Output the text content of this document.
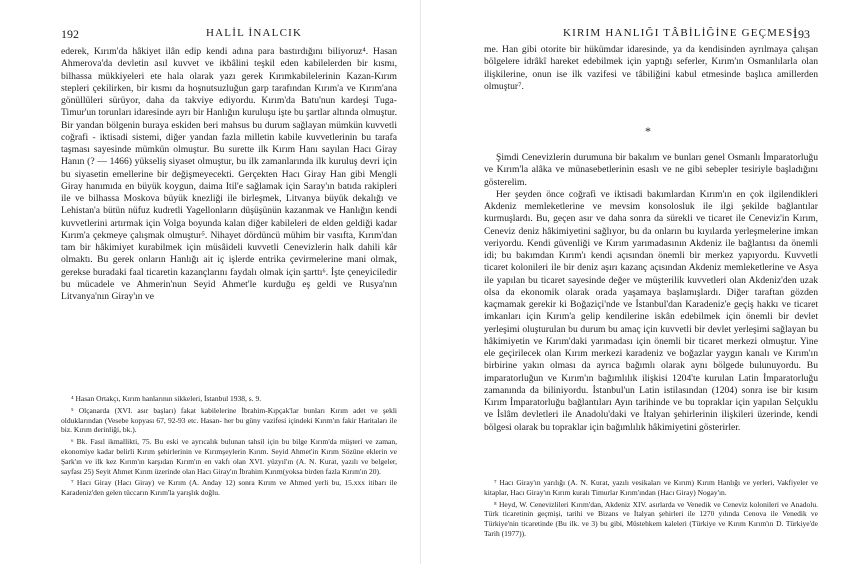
192	HALİL İNALCIK

ederek, Kırım'da hâkiyet ilân edip kendi adına para bastırdığını biliyoruz⁴. Hasan Ahmerova'da devletin asıl kuvvet ve ikbâlini teşkil eden kabilelerden bir kısmı, bilhassa mükkiyeleri ete hala olarak yazı gerek Kırımkabilelerinin Kazan-Kırım stepleri çekilirken, bir kısmı da hoşnutsuzluğun garp tarafından Kırım'a ve Kırım'ana gönüllüleri sürüyor, daha da takviye ediyordu. Kırım'da Batu'nun kardeşi Tuga-Timur'un torunları idaresinde ayrı bir Hanlığın kuruluşu işte bu şartlar altında olmuştur. Bir yandan bölgenin buraya eskiden beri mahsus bu durum sağlayan mümkün kuvvetli coğrafi - iktisadi sistemi, diğer yandan fazla milletin kabile kuvvetlerinin bu tarafa taşması sayesinde mümkün olmuştur. Bu surette ilk Kırım Hanı sayılan Hacı Giray Hanın (? — 1466) yükseliş siyaset olmuştur, bu ilk zamanlarında ilk kuruluş devri için bu siyasetin emellerine bir değişmeyecekti. Gerçekten Hacı Giray Han gibi Mengli Giray hanımıda en büyük koygun, daima Itil'e sağlamak için Saray'ın batıda rakipleri ile ve bilhassa Moskova büyük knezliği ile birleşmek, Litvanya büyük dekalığı ve Lehistan'a bütün nüfuz kudretli Yagellonların düşüşünün kazanmak ve Hanlığın kendi kuvvetlerini artırmak için Volga boyunda kalan diğer kabileleri de elden geldiği kadar Kırım'a çekmeye çalışmak olmuştur⁵. Nihayet dördüncü mühim bir vasıfta, Kırım'dan tam bir hâkimiyet kurabilmek için müsâideli kuvvetli Cenevizlerin halk dahili kâr olmaktı. Bu gerek onların Hanlığı ait iç işlerde entrika çevirmelerine mani olmak, gerekse buradaki faal ticaretin kazançlarını faydalı olmak için şarttı⁶. İşte çeneyiciledir bu mücadele ve Ahmerin'nun Seyid Ahmet'le kurduğu eş geldi ve Rusya'nın Litvanya'nın Giray'ın ve

⁴ Hasan Ortakçı, Kırım hanlarının sikkeleri, İstanbul 1938, s. 9.

⁵ Olçanarda (XVI. asır başları) fakat kabilelerine İbrahim-Kıpçak'lar bunları Kırım adet ve şekli olduklarından (Vesebe kopyası 67, 92-93 etc. Hasan- her bu güny vazifesi içindeki Kırım'ın fakir Haritaları ile biz. Kırım derinliği, bk.).

⁶ Bk. Fasıl ikmallikti, 75. Bu eski ve ayrıcalık bulunan tahsil için bu bilge Kırım'da müşteri ve zaman, ekonomiye kadar belirli Kırım şehirlerinin ve Kırımşeylerin Kırım. Seyid Ahmet'in Kırım Sözüne eklerin ve Şark'ın ve ilk kez Kırım'ın karşıdan Kırım'ın en vakfı olan XVI. yüzyıl'ın (A. N. Kurat, yazılı ve belgeler, sayfası 25) Seyit Ahmet Kırım üzerinde olan Hacı Giray'ın İbrahim Kırım(yoksa birden fazla Kırım'ın 20).

⁷ Hacı Giray (Hacı Giray) ve Kırım (A. Anday 12) sonra Kırım ve Ahmed yerli bu, 15.xxx itibarı ile Karadeniz'den gelen tüccarın Kırım'la yarışlık doğlu.

KIRIM HANLIĞI TÂBİLİĞİNE GEÇMESİ
193

me. Han gibi otorite bir hükümdar idaresinde, ya da kendisinden ayrılmaya çalışan bölgelere idrâkî hareket edebilmek için yaptığı seferler, Kırım'ın Osmanlılarla olan ilişkilerine, onun ise ilk vazifesi ve tâbiliğini kabul etmesinde başlıca amillerden olmuştur⁷.

*

Şimdi Cenevizlerin durumuna bir bakalım ve bunları genel Osmanlı İmparatorluğu ve Kırım'la alâka ve münasebetlerinin esaslı ve ne gibi sebepler tesiriyle başladığını gösterelim.

Her şeyden önce coğrafi ve iktisadi bakımlardan Kırım'ın en çok ilgilendikleri Akdeniz memleketlerine ve mevsim konsolosluk ile ilgi şekilde bağlantılar kurmuşlardı. Bu, geçen asır ve daha sonra da sürekli ve ticaret ile Ceneviz'in Kırım, Ceneviz deniz hâkimiyetini sağlıyor, bu da onların bu kıyılarda yerleşmelerine imkan veriyordu. Kendi güvenliği ve Kırım yarımadasının Akdeniz ile bağlantısı da önemli idi; bu bakımdan Kırım'ı kendi açısından önemli bir merkez yapıyordu. Kuvvetli ticaret kolonileri ile bir deniz aşırı kazanç açısından Akdeniz memleketlerine ve Asya ile yapılan bu ticaret sayesinde değer ve müşterilik kuvvetleri olan Akdeniz'den uzak olsa da ekonomik olarak orada yaşamaya başlamışlardı. Diğer taraftan gözden kaçmamak gerekir ki Boğaziçi'nde ve İstanbul'dan Karadeniz'e geçiş hakkı ve ticaret imkanları için Kırım'a gelip kendilerine iskân edebilmek için önemli bir devlet yerleşimi oluşturulan bu durum bu amaç için kuvvetli bir devlet yerleşimi sağlayan bu hâkimiyetin ve Kırım'daki yarımadası için önemli bir ticaret merkezi olmuştur. Yine ele geçirilecek olan Kırım merkezi karadeniz ve boğazlar yaygın kanalı ve Kırım'ın birbirine yakın olması da ayrıca bağımlı olarak aynı bölgede bulunuyordu. Bu imparatorluğun ve Kırım'ın bağımlılık ilişkisi 1204'te kurulan Latin İmparatorluğu zamanında da biliniyordu. İstanbul'un Latin istilasından (1204) sonra ise bir kısım Kırım İmparatorluğu bağlantıları Ayın tarihinde ve bu topraklar için yapılan Selçuklu ve İslâm devletleri ile Anadolu'daki ve İtalyan şehirlerinin ilişkileri üzerinde, kendi bölgesi olarak bu topraklar için bağımlılık hâkimiyetini gösterirler.

⁷ Hacı Giray'ın yarılığı (A. N. Kurat, yazılı vesikaları ve Kırım) Kırım Hanlığı ve yerleri, Vakfiyeler ve kitaplar, Hacı Giray'ın Kırım kuralı Timurlar Kırım'ından (Hacı Giray) Nogay'ın.

⁸ Heyd, W. Cenevizlileri Kırım'dan, Akdeniz XIV. asırlarda ve Venedik ve Ceneviz kolonileri ve Anadolu. Türk ticaretinin geçmişi, tarihi ve Bizans ve İtalyan şehirleri ile 1270 yılında Cenova ile Venedik ve Türkiye'nin ticaretinde (Bu ilk. ve 3) bu gibi, Müstehkem kaleleri (Türkiye ve Kırım Kırım'ın D. Türkiye'de Tarih (1977)).
